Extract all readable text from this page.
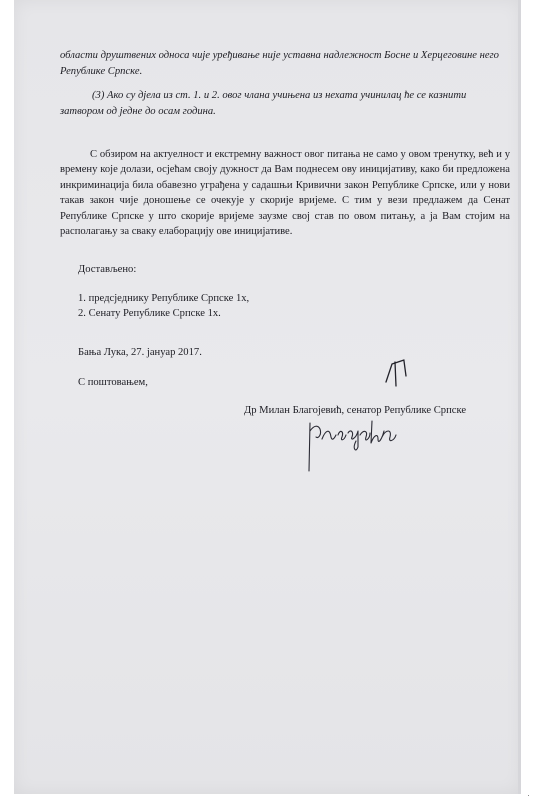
области друштвених односа чије уређивање није уставна надлежност Босне и Херцеговине него
Републике Српске.
(3) Ако су дјела из ст. 1. и 2. овог члана учињена из нехата учинилац ће се казнити
затвором од једне до осам година.
С обзиром на актуелност и екстремну важност овог питања не само у овом тренутку, већ и у времену које долази, осјећам своју дужност да Вам поднесем ову иницијативу, како би предложена инкриминација била обавезно уграђена у садашњи Кривични закон Републике Српске, или у нови такав закон чије доношење се очекује у скорије вријеме. С тим у вези предлажем да Сенат Републике Српске у што скорије вријеме заузме свој став по овом питању, а ја Вам стојим на располагању за сваку елаборацију ове иницијативе.
Достављено:
1. предсједнику Републике Српске 1х,
2. Сенату Републике Српске 1х.
Бања Лука, 27. јануар 2017.
С поштовањем,
Др Милан Благојевић, сенатор Републике Српске
·
